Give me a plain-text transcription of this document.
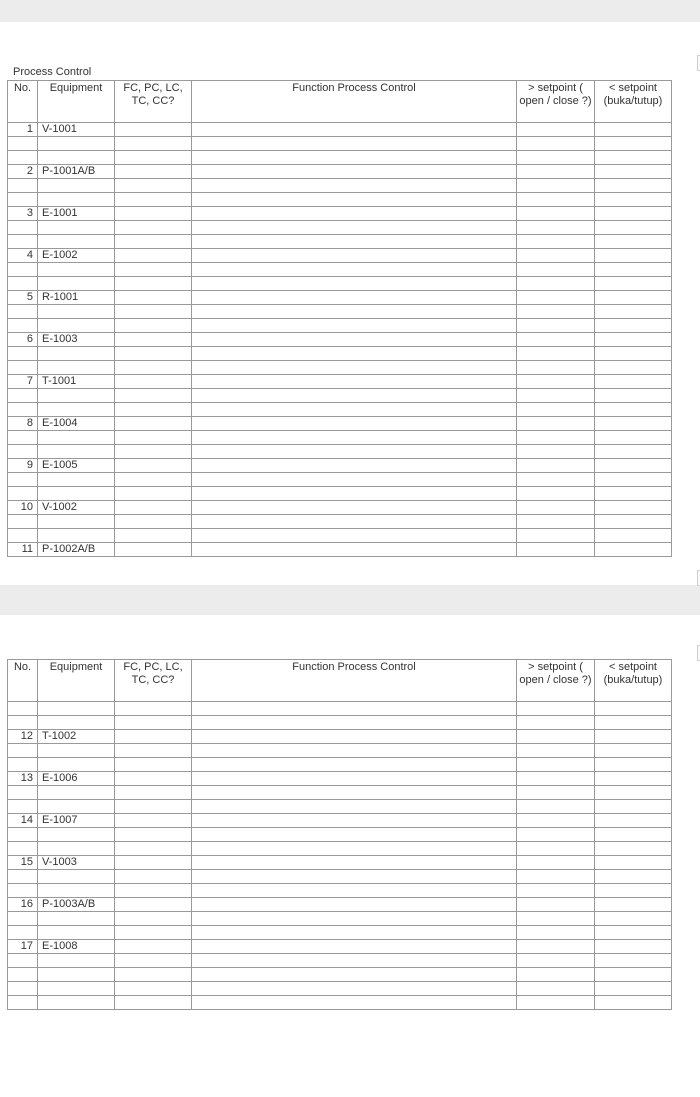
Process Control
No.	Equipment	FC, PC, LC, TC, CC?	Function Process Control	> setpoint ( open / close ?)	< setpoint (buka/tutup)
1	V-1001				

2	P-1001A/B				

3	E-1001				

4	E-1002				

5	R-1001				

6	E-1003				

7	T-1001				

8	E-1004				

9	E-1005				

10	V-1002				

11	P-1002A/B				
No.	Equipment	FC, PC, LC, TC, CC?	Function Process Control	> setpoint ( open / close ?)	< setpoint (buka/tutup)

12	T-1002				

13	E-1006				

14	E-1007				

15	V-1003				

16	P-1003A/B				

17	E-1008				
